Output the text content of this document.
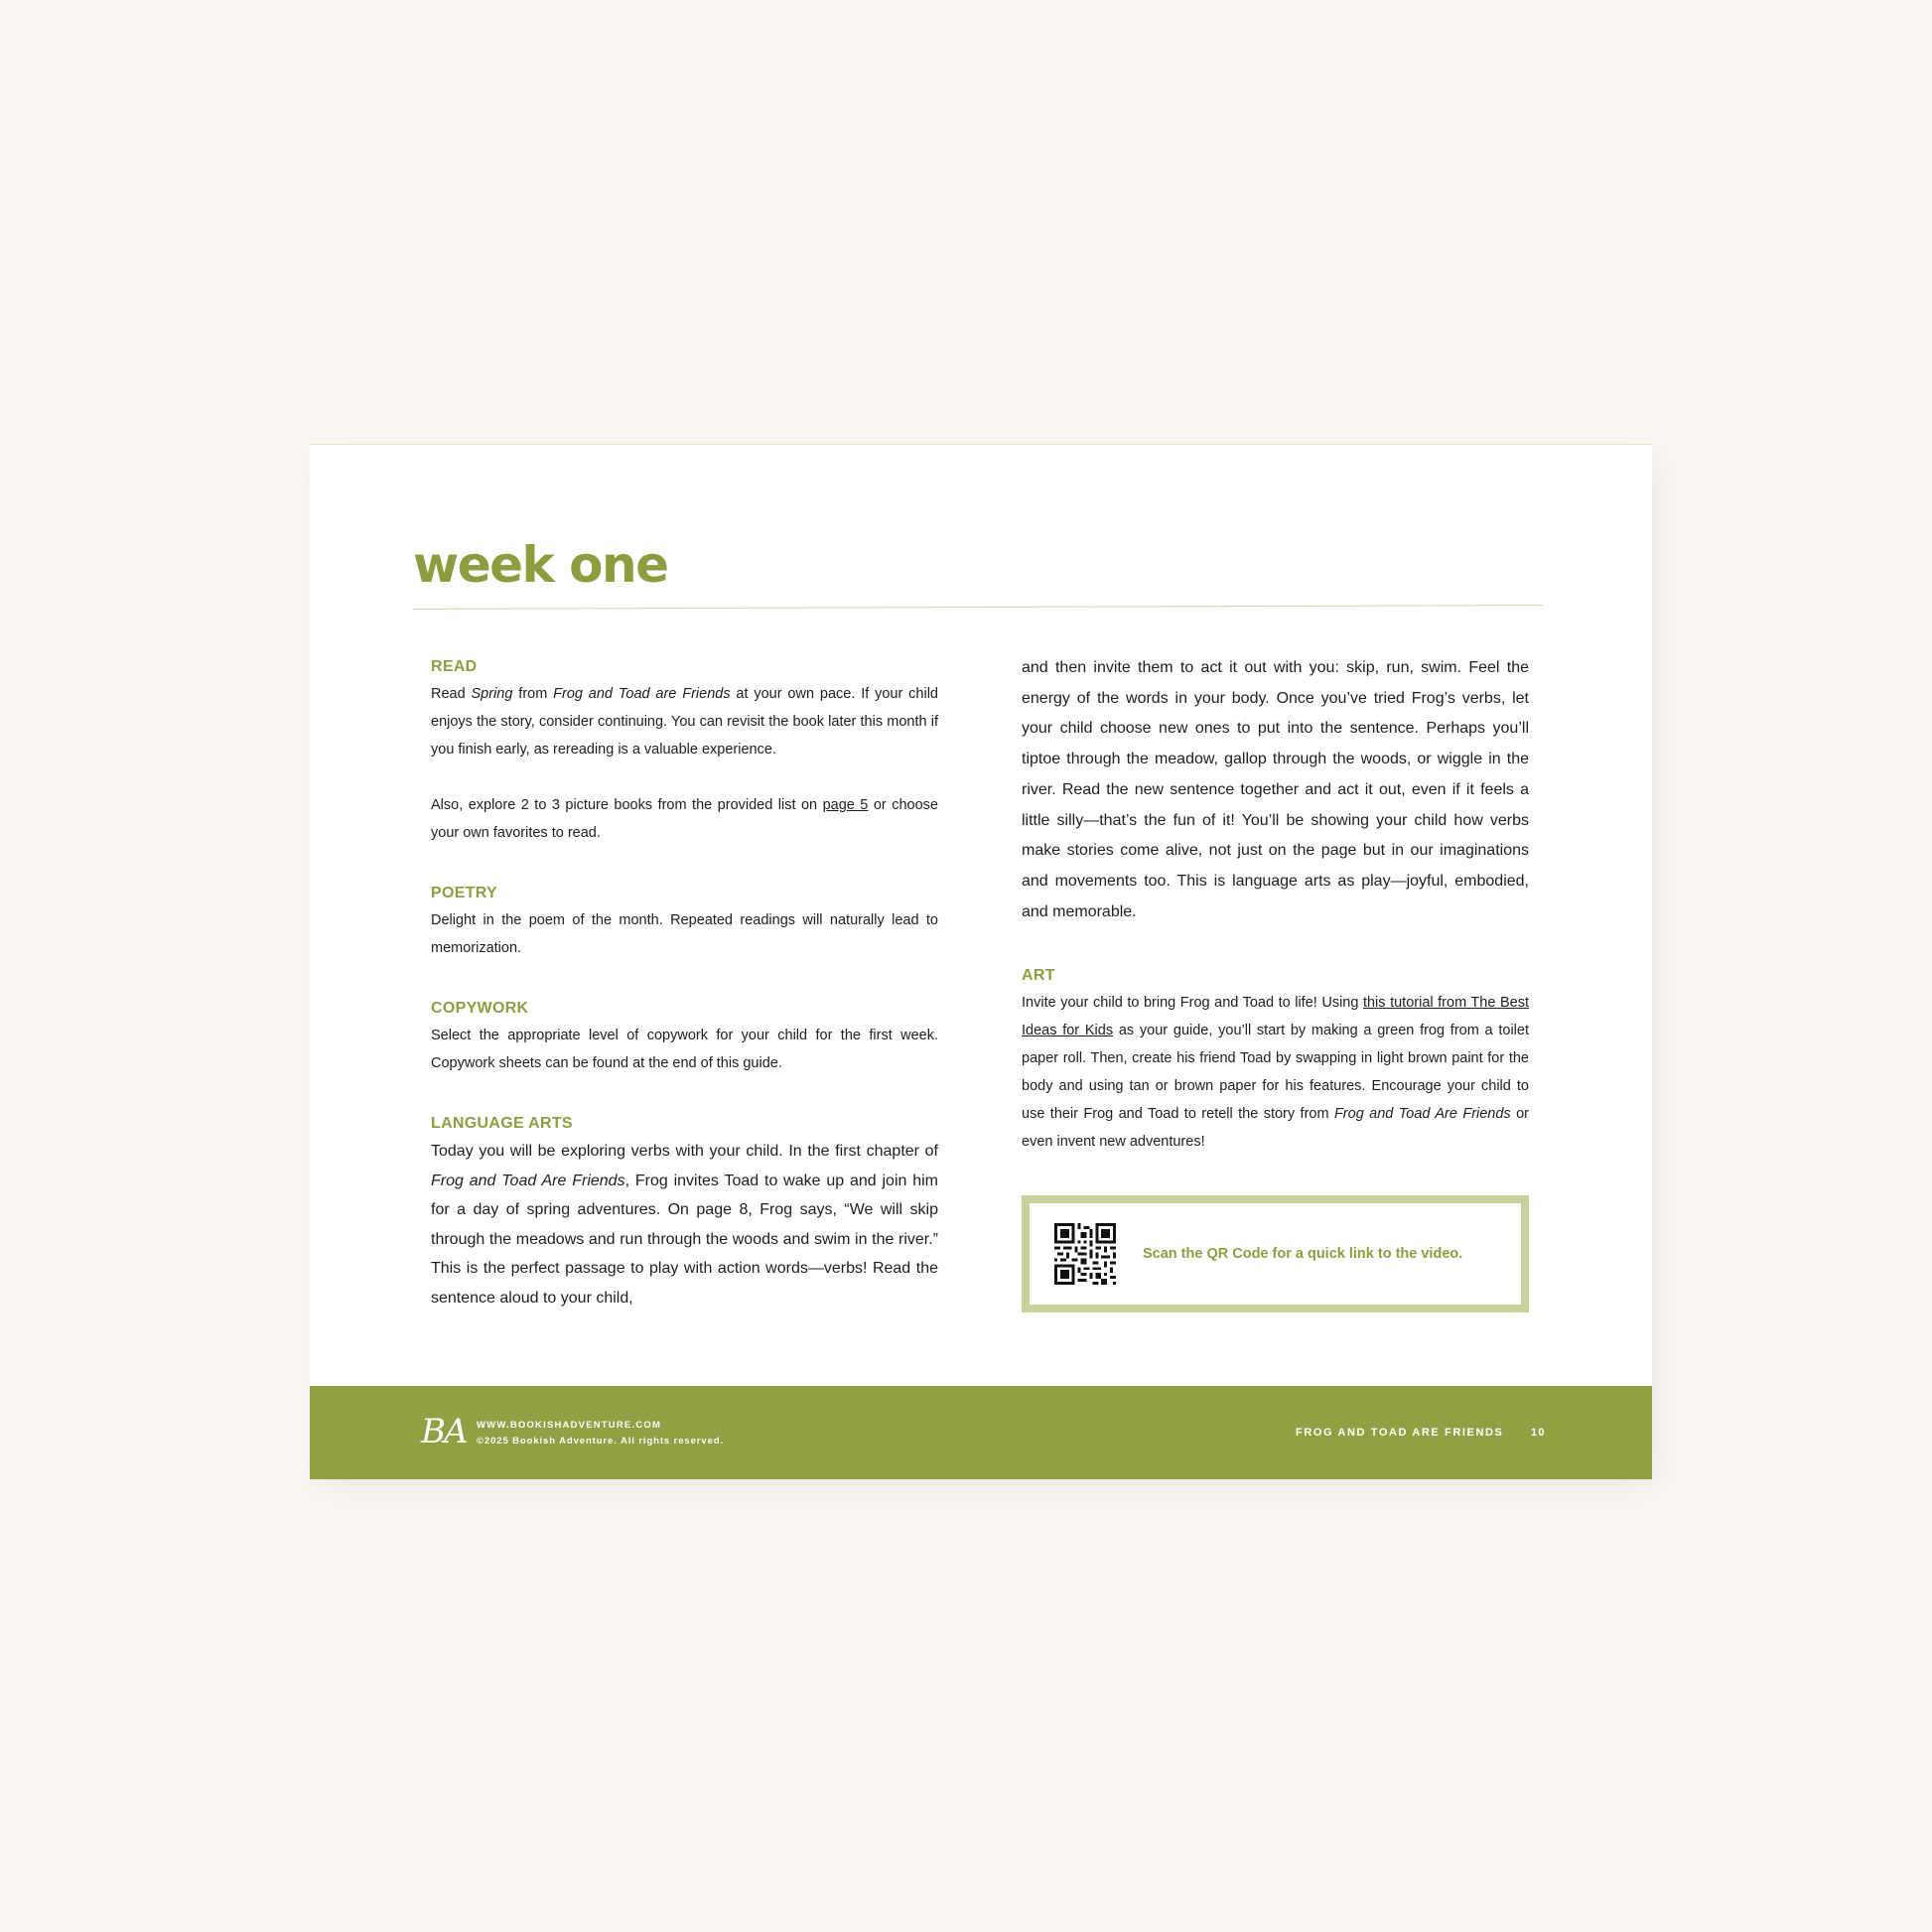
week one
READ

Read Spring from Frog and Toad are Friends at your own pace. If your child enjoys the story, consider continuing. You can revisit the book later this month if you finish early, as rereading is a valuable experience.

Also, explore 2 to 3 picture books from the provided list on page 5 or choose your own favorites to read.

POETRY

Delight in the poem of the month. Repeated readings will naturally lead to memorization.

COPYWORK

Select the appropriate level of copywork for your child for the first week. Copywork sheets can be found at the end of this guide.

LANGUAGE ARTS

Today you will be exploring verbs with your child. In the first chapter of Frog and Toad Are Friends, Frog invites Toad to wake up and join him for a day of spring adventures. On page 8, Frog says, “We will skip through the meadows and run through the woods and swim in the river.” This is the perfect passage to play with action words—verbs! Read the sentence aloud to your child,

and then invite them to act it out with you: skip, run, swim. Feel the energy of the words in your body. Once you’ve tried Frog’s verbs, let your child choose new ones to put into the sentence. Perhaps you’ll tiptoe through the meadow, gallop through the woods, or wiggle in the river. Read the new sentence together and act it out, even if it feels a little silly—that’s the fun of it! You’ll be showing your child how verbs make stories come alive, not just on the page but in our imaginations and movements too. This is language arts as play—joyful, embodied, and memorable.

ART

Invite your child to bring Frog and Toad to life! Using this tutorial from The Best Ideas for Kids as your guide, you’ll start by making a green frog from a toilet paper roll. Then, create his friend Toad by swapping in light brown paint for the body and using tan or brown paper for his features. Encourage your child to use their Frog and Toad to retell the story from Frog and Toad Are Friends or even invent new adventures!

Scan the QR Code for a quick link to the video.
BA WWW.BOOKISHADVENTURE.COM
©2025 Bookish Adventure. All rights reserved.
FROG AND TOAD ARE FRIENDS	10
